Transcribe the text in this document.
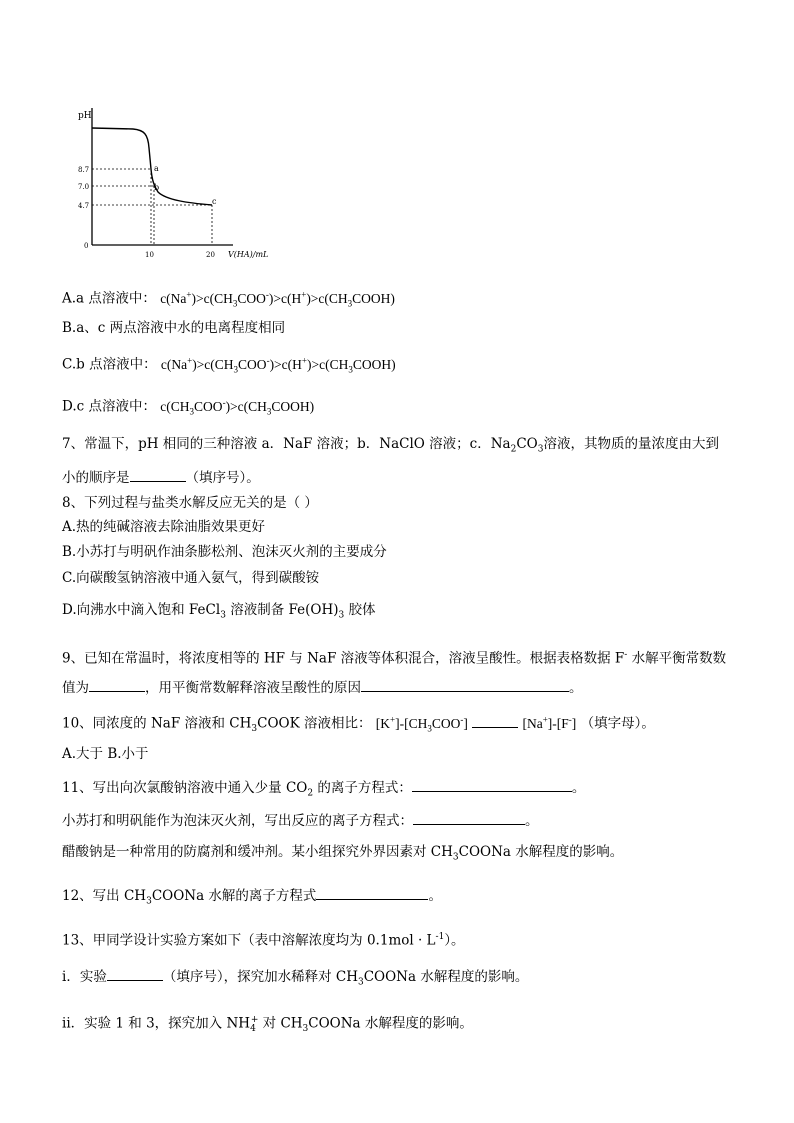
pH
V(HA)/mL
0
8.7
7.0
4.7
10	20
a
b
c
A.a 点溶液中： $c(Na^+)>c(CH_3COO^-)>c(H^+)>c(CH_3COOH)$
B.a、c 两点溶液中水的电离程度相同
C.b 点溶液中： $c(Na^+)>c(CH_3COO^-)>c(H^+)>c(CH_3COOH)$
D.c 点溶液中： $c(CH_3COO^-)>c(CH_3COOH)$
7、常温下，pH 相同的三种溶液 a．NaF 溶液；b．NaClO 溶液；c．$Na_2CO_3$溶液，其物质的量浓度由大到
小的顺序是	（填序号）。
8、下列过程与盐类水解反应无关的是（ ）
A.热的纯碱溶液去除油脂效果更好
B.小苏打与明矾作油条膨松剂、泡沫灭火剂的主要成分
C.向碳酸氢钠溶液中通入氨气，得到碳酸铵
D.向沸水中滴入饱和 FeCl$_3$ 溶液制备 $Fe(OH)_3$ 胶体
9、已知在常温时，将浓度相等的 HF 与 NaF 溶液等体积混合，溶液呈酸性。根据表格数据 F- 水解平衡常数数
值为	，用平衡常数解释溶液呈酸性的原因	。
10、同浓度的 NaF 溶液和 $CH_3COOK$ 溶液相比： $[K^+]-[CH_3COO^-]$	[Na+]-[F-] （填字母）。
A.大于 B.小于
11、写出向次氯酸钠溶液中通入少量 $CO_2$ 的离子方程式：	。
小苏打和明矾能作为泡沫灭火剂，写出反应的离子方程式：	。
醋酸钠是一种常用的防腐剂和缓冲剂。某小组探究外界因素对 $CH_3COONa$ 水解程度的影响。
12、写出 $CH_3COONa$ 水解的离子方程式	。
13、甲同学设计实验方案如下（表中溶解浓度均为 $0.1mol \cdot L^{-1}$）。
i．实验	（填序号），探究加水稀释对 $CH_3COONa$ 水解程度的影响。
ii．实验 1 和 3，探究加入 $NH_4^+$ 对 $CH_3COONa$ 水解程度的影响。
